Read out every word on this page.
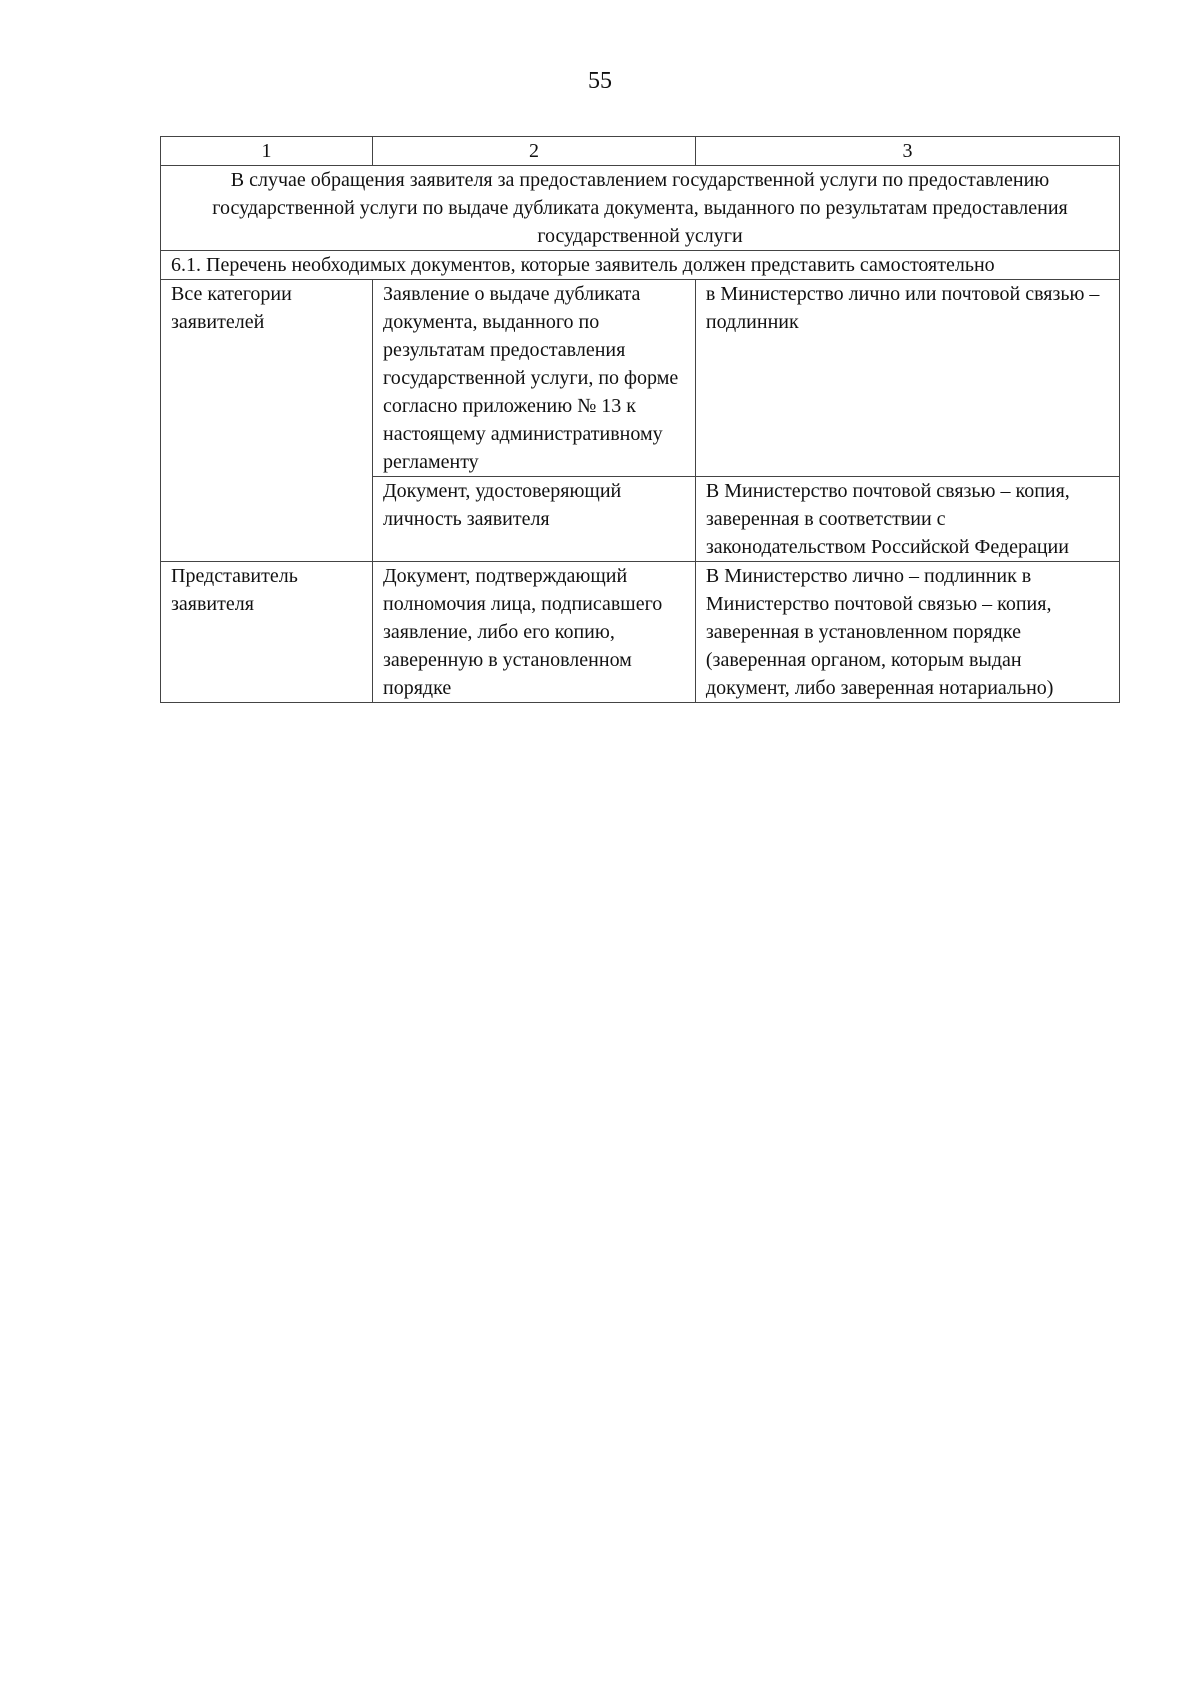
55
1	2	3
В случае обращения заявителя за предоставлением государственной услуги по предоставлению государственной услуги по выдаче дубликата документа, выданного по результатам предоставления государственной услуги		
6.1. Перечень необходимых документов, которые заявитель должен представить самостоятельно		

Все категории заявителей	Заявление о выдаче дубликата документа, выданного по результатам предоставления государственной услуги, по форме согласно приложению № 13 к настоящему административному регламенту	в Министерство лично или почтовой связью – подлинник

	Документ, удостоверяющий личность заявителя	В Министерство почтовой связью – копия, заверенная в соответствии с законодательством Российской Федерации

Представитель заявителя	Документ, подтверждающий полномочия лица, подписавшего заявление, либо его копию, заверенную в установленном порядке	В Министерство лично – подлинник в Министерство почтовой связью – копия, заверенная в установленном порядке (заверенная органом, которым выдан документ, либо заверенная нотариально)
